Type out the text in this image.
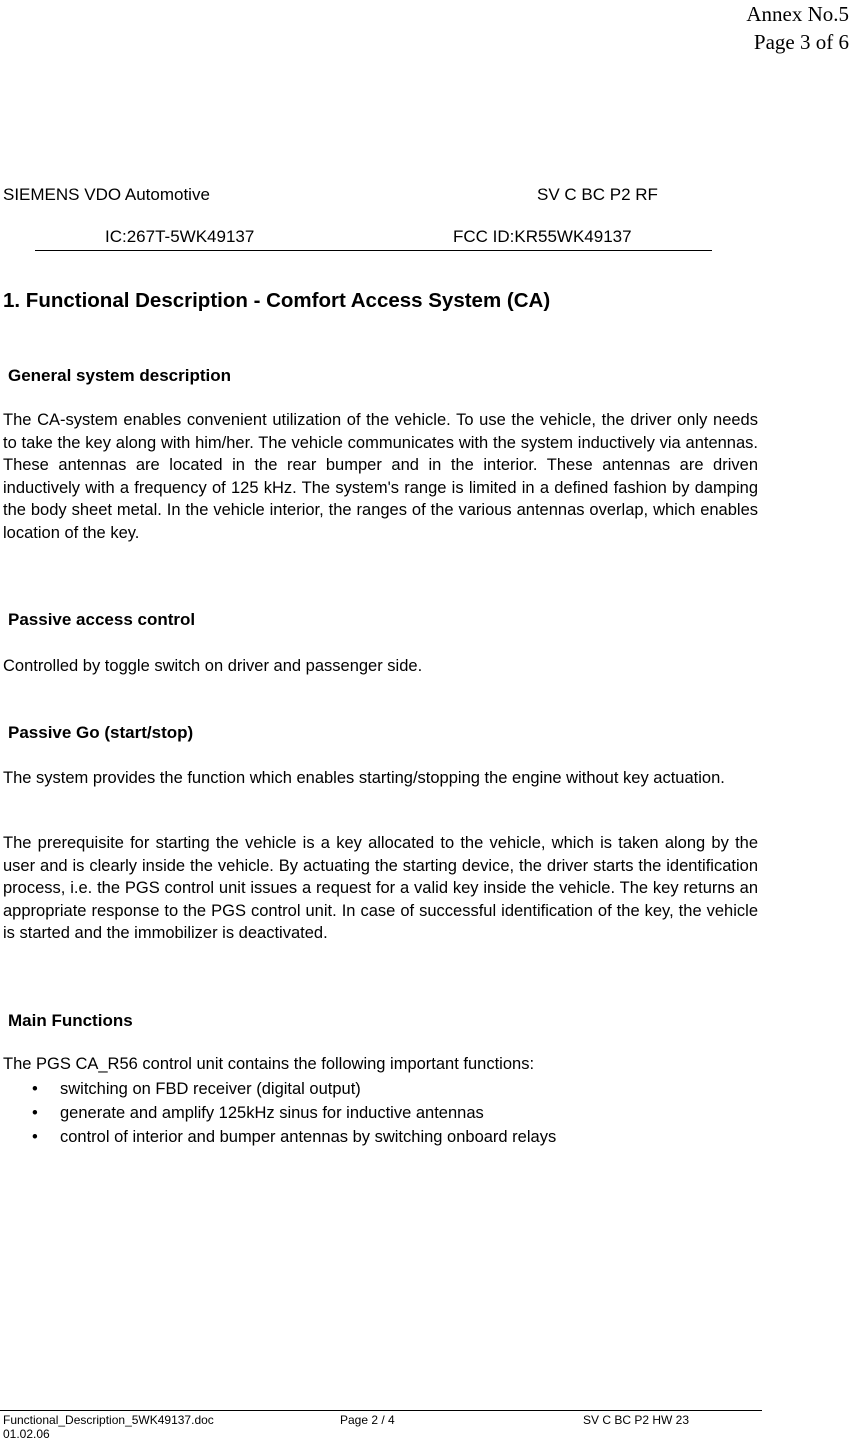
Annex No.5
Page 3 of 6
SIEMENS VDO Automotive	SV C BC P2 RF
IC:267T-5WK49137	FCC ID:KR55WK49137
1. Functional Description - Comfort Access System (CA)
General system description

The CA-system enables convenient utilization of the vehicle. To use the vehicle, the driver only needs to take the key along with him/her. The vehicle communicates with the system inductively via antennas. These antennas are located in the rear bumper and in the interior. These antennas are driven inductively with a frequency of 125 kHz. The system's range is limited in a defined fashion by damping the body sheet metal. In the vehicle interior, the ranges of the various antennas overlap, which enables location of the key.

Passive access control

Controlled by toggle switch on driver and passenger side.

Passive Go (start/stop)

The system provides the function which enables starting/stopping the engine without key actuation.

The prerequisite for starting the vehicle is a key allocated to the vehicle, which is taken along by the user and is clearly inside the vehicle. By actuating the starting device, the driver starts the identification process, i.e. the PGS control unit issues a request for a valid key inside the vehicle. The key returns an appropriate response to the PGS control unit. In case of successful identification of the key, the vehicle is started and the immobilizer is deactivated.

Main Functions
The PGS CA_R56 control unit contains the following important functions:
• switching on FBD receiver (digital output)
• generate and amplify 125kHz sinus for inductive antennas
• control of interior and bumper antennas by switching onboard relays
Functional_Description_5WK49137.doc
01.02.06
Page 2 / 4	SV C BC P2 HW 23
